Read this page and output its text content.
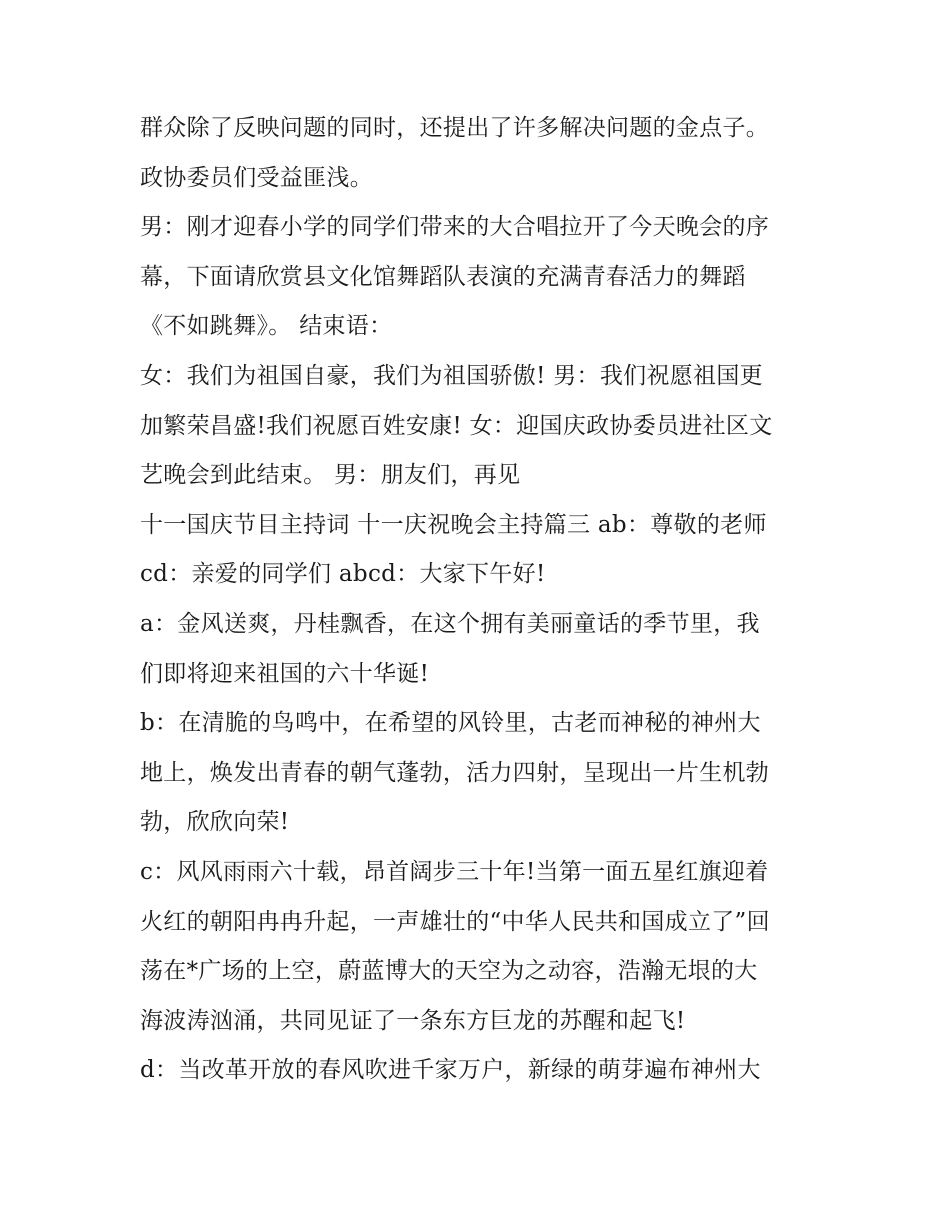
群众除了反映问题的同时，还提出了许多解决问题的金点子。
政协委员们受益匪浅。
男：刚才迎春小学的同学们带来的大合唱拉开了今天晚会的序
幕，下面请欣赏县文化馆舞蹈队表演的充满青春活力的舞蹈
《不如跳舞》。 结束语：
女：我们为祖国自豪，我们为祖国骄傲! 男：我们祝愿祖国更
加繁荣昌盛!我们祝愿百姓安康! 女：迎国庆政协委员进社区文
艺晚会到此结束。 男：朋友们，再见
十一国庆节目主持词 十一庆祝晚会主持篇三 ab：尊敬的老师
cd：亲爱的同学们 abcd：大家下午好!
a：金风送爽，丹桂飘香，在这个拥有美丽童话的季节里，我
们即将迎来祖国的六十华诞!
b：在清脆的鸟鸣中，在希望的风铃里，古老而神秘的神州大
地上，焕发出青春的朝气蓬勃，活力四射，呈现出一片生机勃
勃，欣欣向荣!
c：风风雨雨六十载，昂首阔步三十年!当第一面五星红旗迎着
火红的朝阳冉冉升起，一声雄壮的“中华人民共和国成立了”回
荡在*广场的上空，蔚蓝博大的天空为之动容，浩瀚无垠的大
海波涛汹涌，共同见证了一条东方巨龙的苏醒和起飞!
d：当改革开放的春风吹进千家万户，新绿的萌芽遍布神州大
